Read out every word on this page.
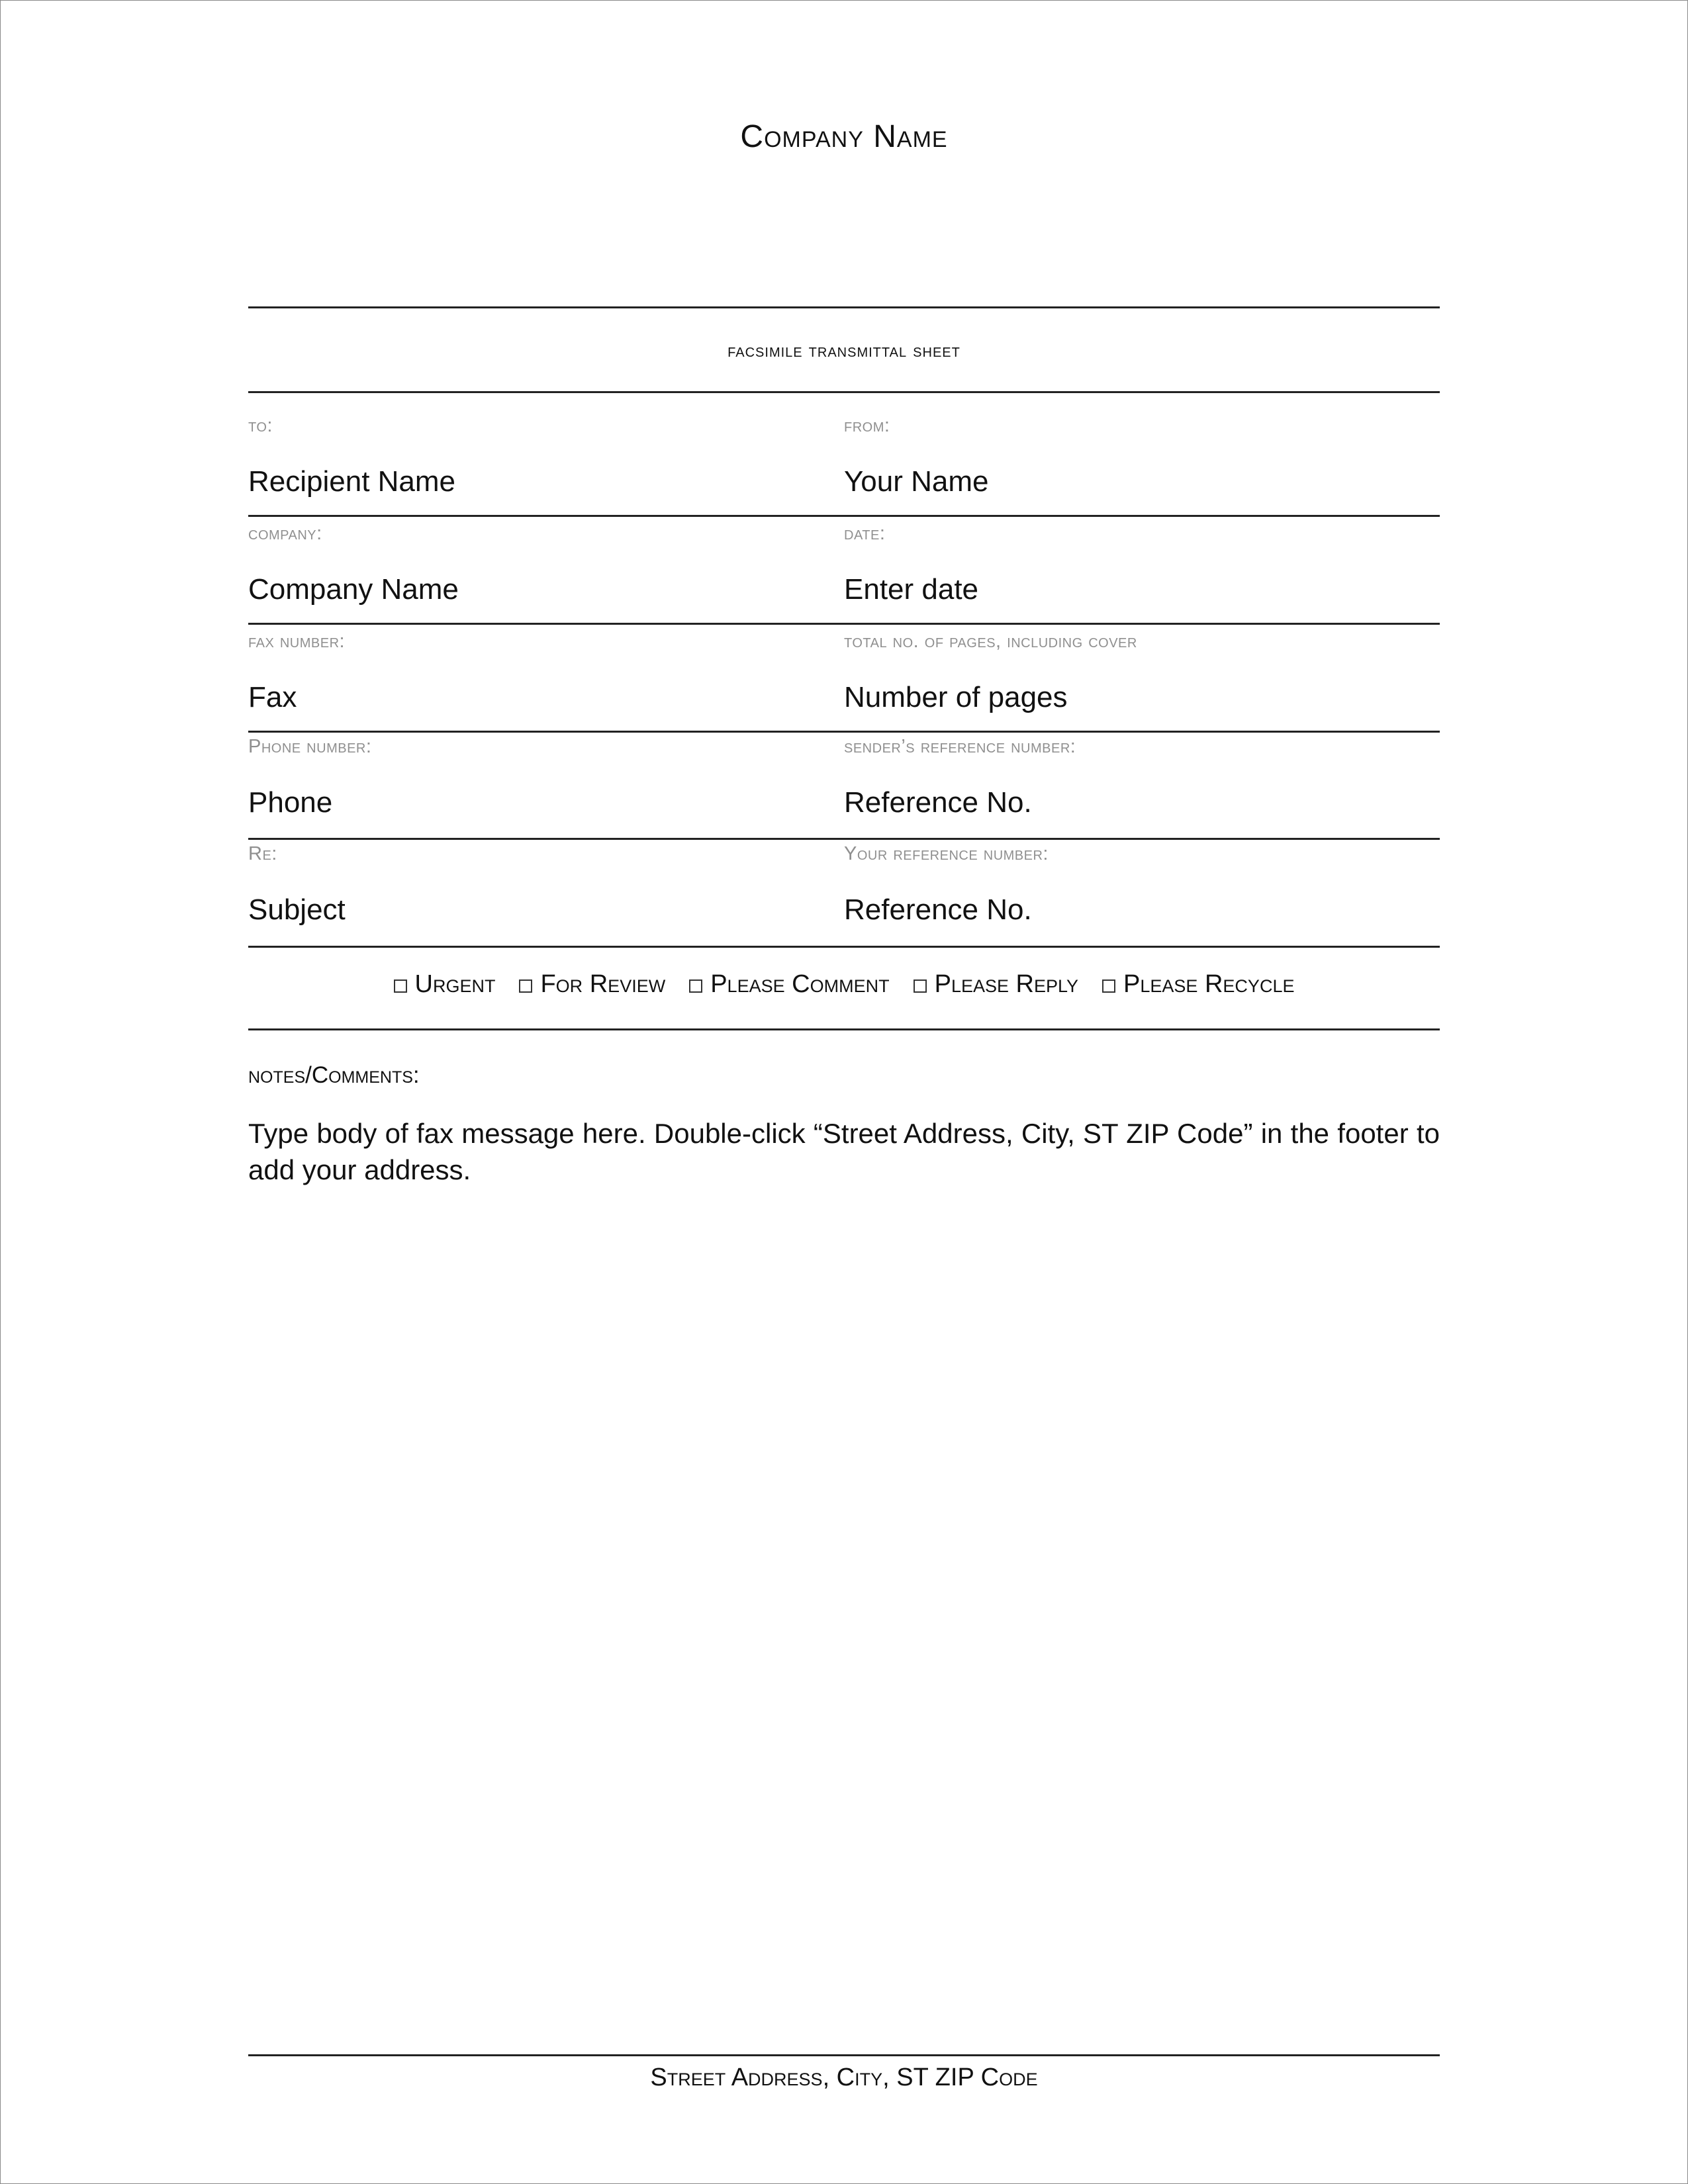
Company Name
facsimile transmittal sheet
to:
Recipient Name
from:
Your Name
company:
Company Name
date:
Enter date
fax number:
Fax
total no. of pages, including cover
Number of pages
Phone number:
Phone
sender’s reference number:
Reference No.
Re:
Subject
Your reference number:
Reference No.
Urgent For Review Please Comment Please Reply Please Recycle
notes/Comments:
Type body of fax message here. Double-click “Street Address, City, ST ZIP Code” in the footer to add your address.
Street Address, City, ST ZIP Code
